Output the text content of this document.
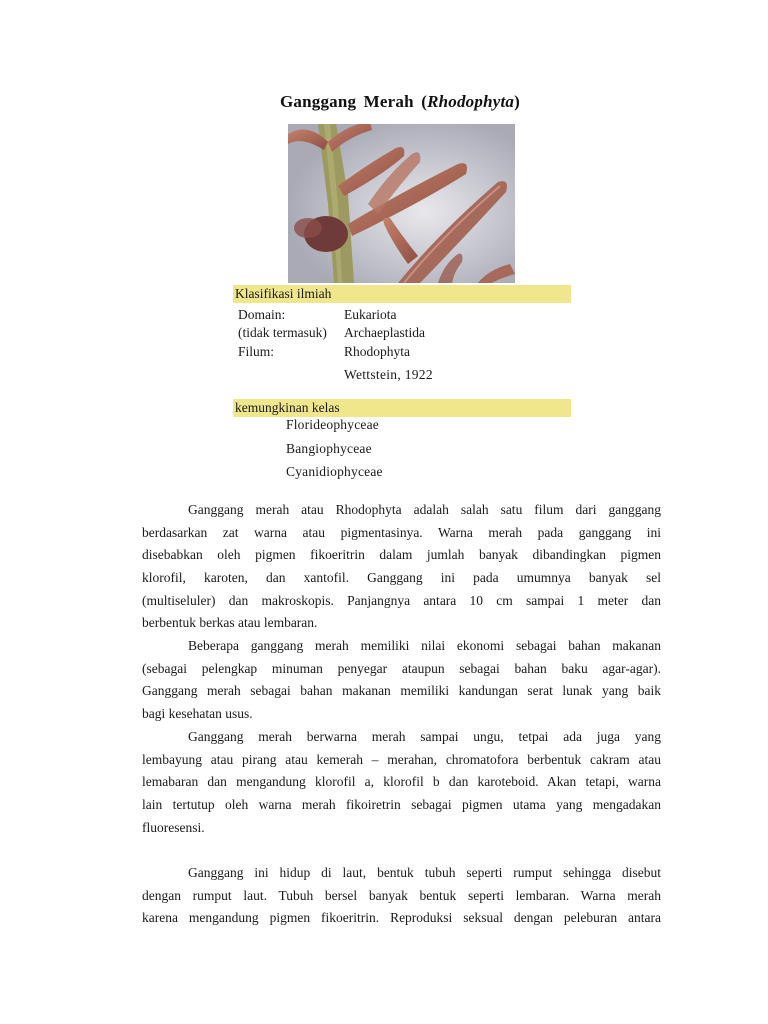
Ganggang Merah (Rhodophyta)
Klasifikasi ilmiah
Domain:	Eukariota
(tidak termasuk) Archaeplastida
Filum:	Rhodophyta
Wettstein, 1922
kemungkinan kelas
Florideophyceae
Bangiophyceae
Cyanidiophyceae
Ganggang merah atau Rhodophyta adalah salah satu filum dari ganggang
berdasarkan zat warna atau pigmentasinya. Warna merah pada ganggang ini
disebabkan oleh pigmen fikoeritrin dalam jumlah banyak dibandingkan pigmen
klorofil, karoten, dan xantofil. Ganggang ini pada umumnya banyak sel
(multiseluler) dan makroskopis. Panjangnya antara 10 cm sampai 1 meter dan
berbentuk berkas atau lembaran.
Beberapa ganggang merah memiliki nilai ekonomi sebagai bahan makanan
(sebagai pelengkap minuman penyegar ataupun sebagai bahan baku agar-agar).
Ganggang merah sebagai bahan makanan memiliki kandungan serat lunak yang baik
bagi kesehatan usus.
Ganggang merah berwarna merah sampai ungu, tetpai ada juga yang
lembayung atau pirang atau kemerah – merahan, chromatofora berbentuk cakram atau
lemabaran dan mengandung klorofil a, klorofil b dan karoteboid. Akan tetapi, warna
lain tertutup oleh warna merah fikoiretrin sebagai pigmen utama yang mengadakan
fluoresensi.
Ganggang ini hidup di laut, bentuk tubuh seperti rumput sehingga disebut
dengan rumput laut. Tubuh bersel banyak bentuk seperti lembaran. Warna merah
karena mengandung pigmen fikoeritrin. Reproduksi seksual dengan peleburan antara
